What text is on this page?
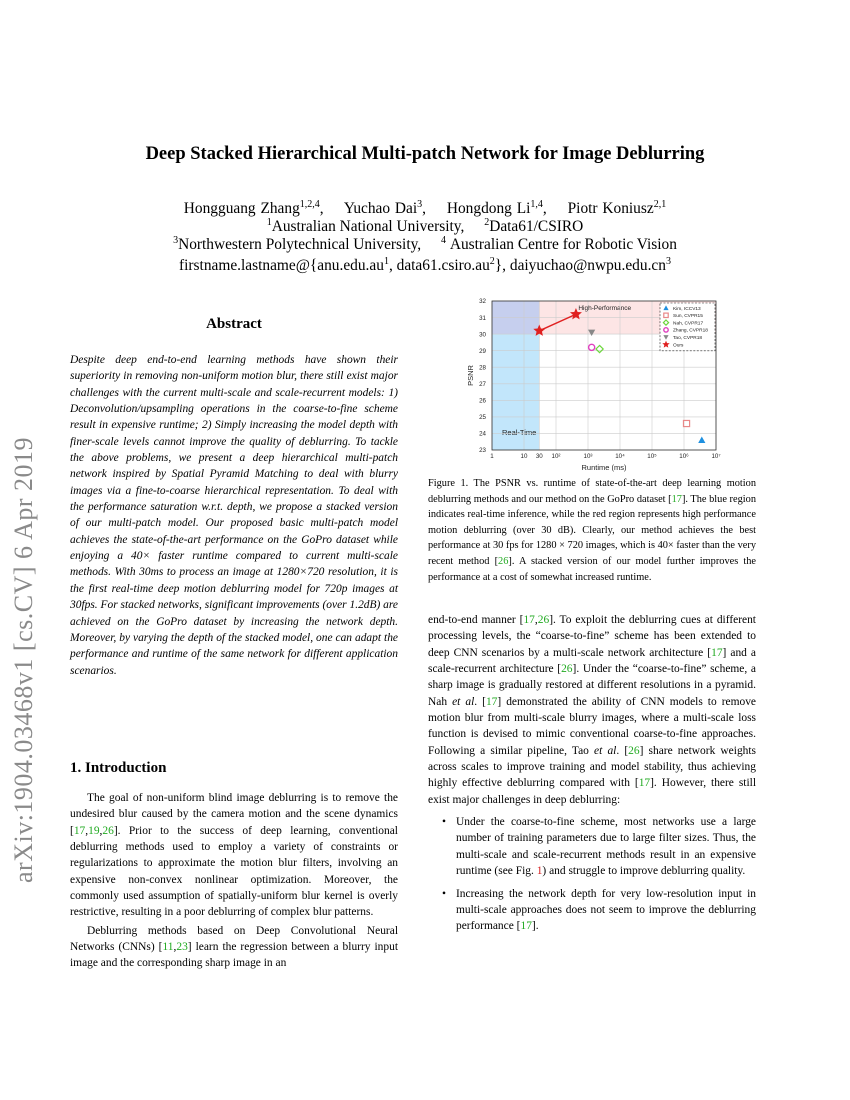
arXiv:1904.03468v1 [cs.CV] 6 Apr 2019
Deep Stacked Hierarchical Multi-patch Network for Image Deblurring
Hongguang Zhang$^{1,2,4}$, Yuchao Dai$^3$, Hongdong Li$^{1,4}$, Piotr Koniusz$^{2,1}$
$^1$Australian National University, $^2$Data61/CSIRO
$^3$Northwestern Polytechnical University, $^4$ Australian Centre for Robotic Vision
$firstname.lastname@\{anu.edu.au^1$, $data61.csiro.au^2$}, $daiyuchao@nwpu.edu.cn^3$
Abstract
Despite deep end-to-end learning methods have shown their superiority in removing non-uniform motion blur, there still exist major challenges with the current multi-scale and scale-recurrent models: 1) Deconvolution/upsampling operations in the coarse-to-fine scheme result in expensive runtime; 2) Simply increasing the model depth with finer-scale levels cannot improve the quality of deblurring. To tackle the above problems, we present a deep hierarchical multi-patch network inspired by Spatial Pyramid Matching to deal with blurry images via a fine-to-coarse hierarchical representation. To deal with the performance saturation w.r.t. depth, we propose a stacked version of our multi-patch model. Our proposed basic multi-patch model achieves the state-of-the-art performance on the GoPro dataset while enjoying a 40× faster runtime compared to current multi-scale methods. With 30ms to process an image at 1280×720 resolution, it is the first real-time deep motion deblurring model for 720p images at 30fps. For stacked networks, significant improvements (over 1.2dB) are achieved on the GoPro dataset by increasing the network depth. Moreover, by varying the depth of the stacked model, one can adapt the performance and runtime of the same network for different application scenarios.
1. Introduction

The goal of non-uniform blind image deblurring is to remove the undesired blur caused by the camera motion and the scene dynamics [17,19,26]. Prior to the success of deep learning, conventional deblurring methods used to employ a variety of constraints or regularizations to approximate the motion blur filters, involving an expensive non-convex nonlinear optimization. Moreover, the commonly used assumption of spatially-uniform blur kernel is overly restrictive, resulting in a poor deblurring of complex blur patterns.

Deblurring methods based on Deep Convolutional Neural Networks (CNNs) [11,23] learn the regression between a blurry input image and the corresponding sharp image in an

Real-Time
High-Performance
23
24
25
26
27
28
29
30
31
32
1	10 30 10²	10³	10⁴	10⁵	10⁶	10⁷
Runtime (ms)
PSNR
Kim, ICCV13
Sun, CVPR15
Nah, CVPR17
Zhang, CVPR18
Tao, CVPR18
Ours
Figure 1. The PSNR vs. runtime of state-of-the-art deep learning motion deblurring methods and our method on the GoPro dataset [17]. The blue region indicates real-time inference, while the red region represents high performance motion deblurring (over 30 dB). Clearly, our method achieves the best performance at 30 fps for 1280 × 720 images, which is 40× faster than the very recent method [26]. A stacked version of our model further improves the performance at a cost of somewhat increased runtime.

end-to-end manner [17,26]. To exploit the deblurring cues at different processing levels, the “coarse-to-fine” scheme has been extended to deep CNN scenarios by a multi-scale network architecture [17] and a scale-recurrent architecture [26]. Under the “coarse-to-fine” scheme, a sharp image is gradually restored at different resolutions in a pyramid. Nah et al. [17] demonstrated the ability of CNN models to remove motion blur from multi-scale blurry images, where a multi-scale loss function is devised to mimic conventional coarse-to-fine approaches. Following a similar pipeline, Tao et al. [26] share network weights across scales to improve training and model stability, thus achieving highly effective deblurring compared with [17]. However, there still exist major challenges in deep deblurring:

• Under the coarse-to-fine scheme, most networks use a large number of training parameters due to large filter sizes. Thus, the multi-scale and scale-recurrent methods result in an expensive runtime (see Fig. 1) and struggle to improve deblurring quality.
• Increasing the network depth for very low-resolution input in multi-scale approaches does not seem to improve the deblurring performance [17].
